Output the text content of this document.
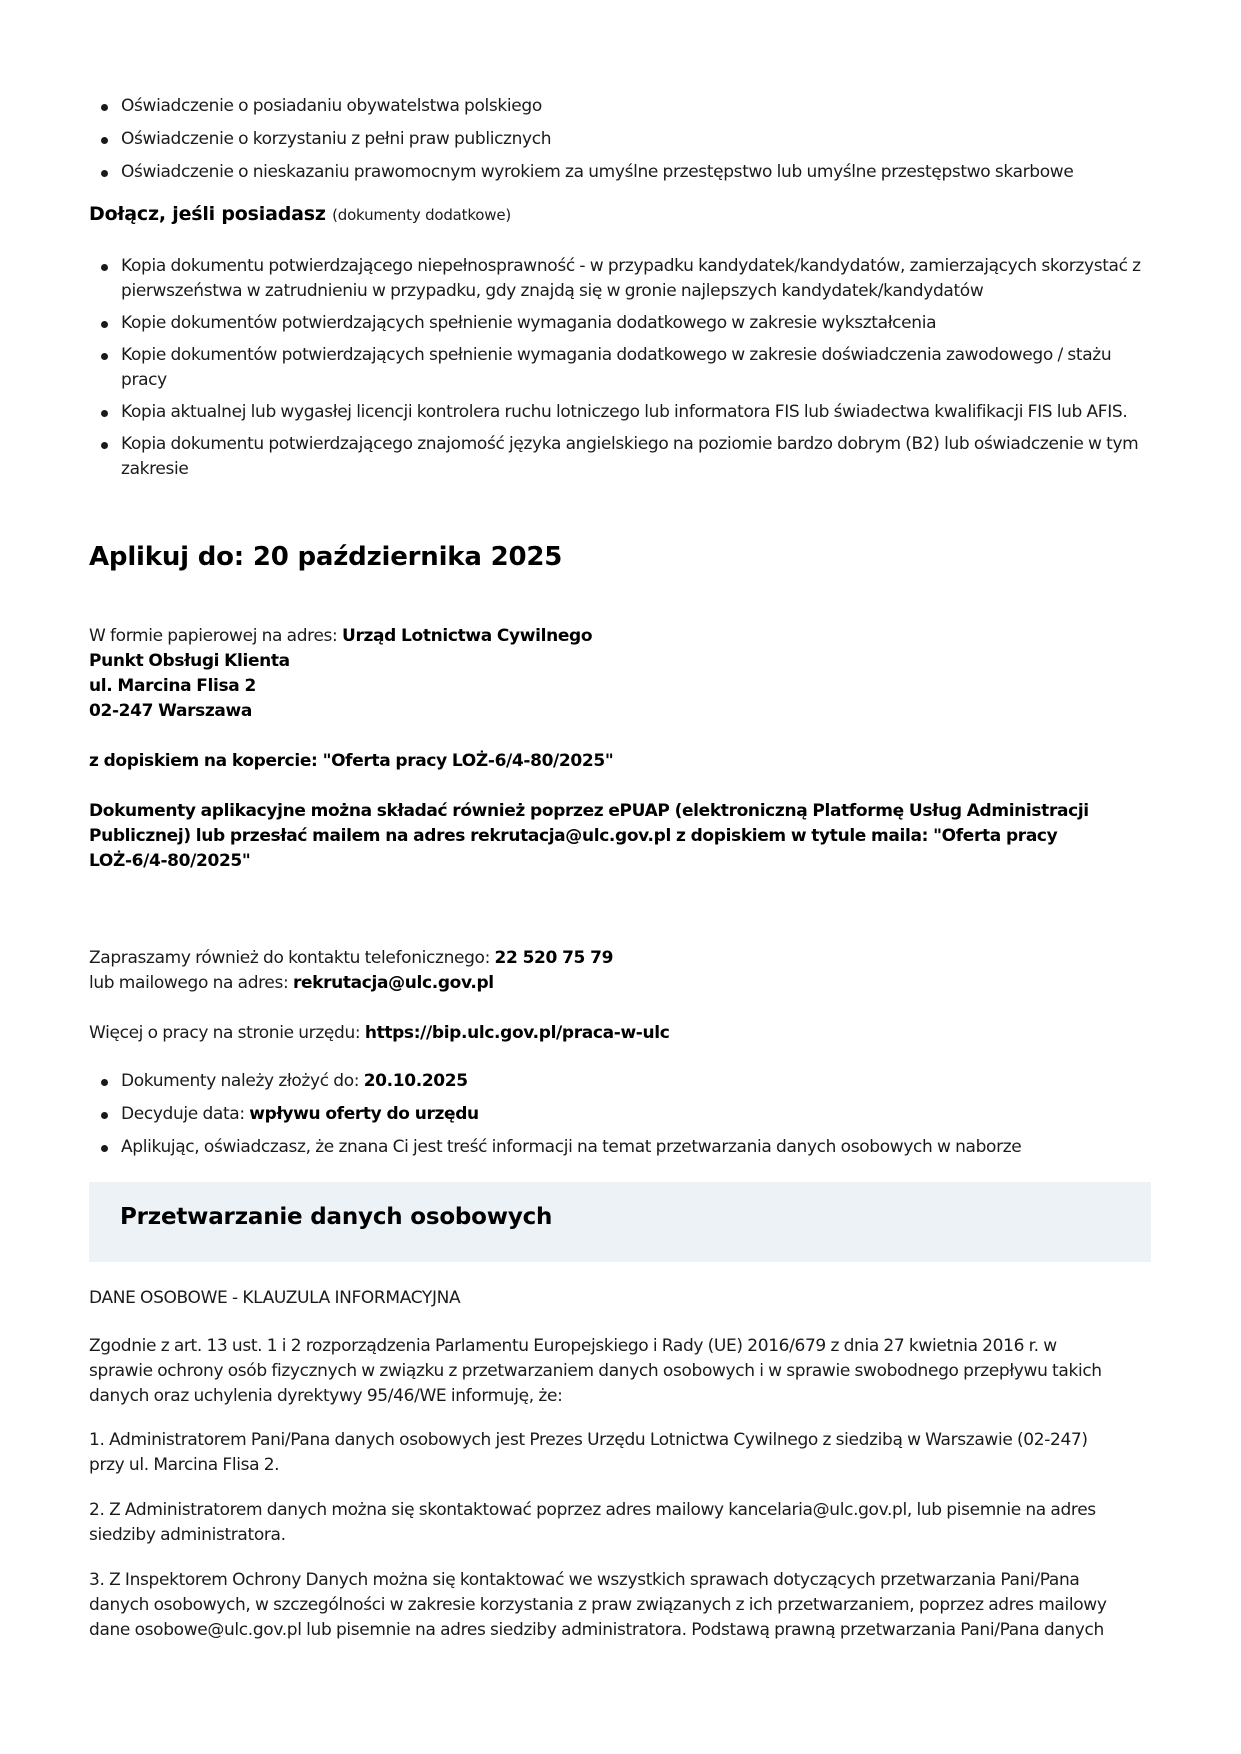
Oświadczenie o posiadaniu obywatelstwa polskiego
Oświadczenie o korzystaniu z pełni praw publicznych
Oświadczenie o nieskazaniu prawomocnym wyrokiem za umyślne przestępstwo lub umyślne przestępstwo skarbowe
Dołącz, jeśli posiadasz (dokumenty dodatkowe)
Kopia dokumentu potwierdzającego niepełnosprawność - w przypadku kandydatek/kandydatów, zamierzających skorzystać z pierwszeństwa w zatrudnieniu w przypadku, gdy znajdą się w gronie najlepszych kandydatek/kandydatów
Kopie dokumentów potwierdzających spełnienie wymagania dodatkowego w zakresie wykształcenia
Kopie dokumentów potwierdzających spełnienie wymagania dodatkowego w zakresie doświadczenia zawodowego / stażu pracy
Kopia aktualnej lub wygasłej licencji kontrolera ruchu lotniczego lub informatora FIS lub świadectwa kwalifikacji FIS lub AFIS.
Kopia dokumentu potwierdzającego znajomość języka angielskiego na poziomie bardzo dobrym (B2) lub oświadczenie w tym zakresie
Aplikuj do: 20 października 2025
W formie papierowej na adres: Urząd Lotnictwa Cywilnego
Punkt Obsługi Klienta
ul. Marcina Flisa 2
02-247 Warszawa
z dopiskiem na kopercie: "Oferta pracy LOŻ-6/4-80/2025"
Dokumenty aplikacyjne można składać również poprzez ePUAP (elektroniczną Platformę Usług Administracji
Publicznej) lub przesłać mailem na adres rekrutacja@ulc.gov.pl z dopiskiem w tytule maila: "Oferta pracy
LOŻ-6/4-80/2025"
Zapraszamy również do kontaktu telefonicznego: 22 520 75 79
lub mailowego na adres: rekrutacja@ulc.gov.pl
Więcej o pracy na stronie urzędu: https://bip.ulc.gov.pl/praca-w-ulc
Dokumenty należy złożyć do: 20.10.2025
Decyduje data: wpływu oferty do urzędu
Aplikując, oświadczasz, że znana Ci jest treść informacji na temat przetwarzania danych osobowych w naborze
Przetwarzanie danych osobowych
DANE OSOBOWE - KLAUZULA INFORMACYJNA
Zgodnie z art. 13 ust. 1 i 2 rozporządzenia Parlamentu Europejskiego i Rady (UE) 2016/679 z dnia 27 kwietnia 2016 r. w
sprawie ochrony osób fizycznych w związku z przetwarzaniem danych osobowych i w sprawie swobodnego przepływu takich
danych oraz uchylenia dyrektywy 95/46/WE informuję, że:
1. Administratorem Pani/Pana danych osobowych jest Prezes Urzędu Lotnictwa Cywilnego z siedzibą w Warszawie (02-247)
przy ul. Marcina Flisa 2.
2. Z Administratorem danych można się skontaktować poprzez adres mailowy kancelaria@ulc.gov.pl, lub pisemnie na adres
siedziby administratora.
3. Z Inspektorem Ochrony Danych można się kontaktować we wszystkich sprawach dotyczących przetwarzania Pani/Pana
danych osobowych, w szczególności w zakresie korzystania z praw związanych z ich przetwarzaniem, poprzez adres mailowy
dane osobowe@ulc.gov.pl lub pisemnie na adres siedziby administratora. Podstawą prawną przetwarzania Pani/Pana danych
